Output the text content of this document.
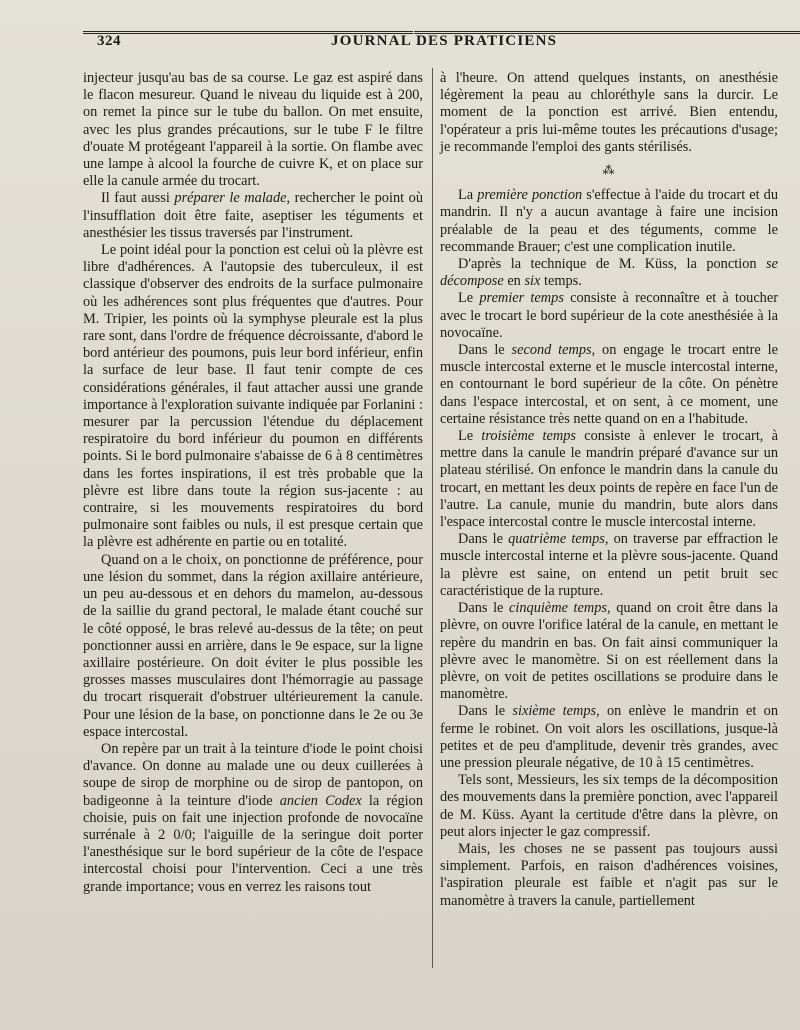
324	JOURNAL DES PRATICIENS

injecteur jusqu'au bas de sa course. Le gaz est aspiré dans le flacon mesureur. Quand le niveau du liquide est à 200, on remet la pince sur le tube du ballon. On met ensuite, avec les plus grandes précautions, sur le tube F le filtre d'ouate M protégeant l'appareil à la sortie. On flambe avec une lampe à alcool la fourche de cuivre K, et on place sur elle la canule armée du trocart.

Il faut aussi préparer le malade, rechercher le point où l'insufflation doit être faite, aseptiser les téguments et anesthésier les tissus traversés par l'instrument.

Le point idéal pour la ponction est celui où la plèvre est libre d'adhérences. A l'autopsie des tuberculeux, il est classique d'observer des endroits de la surface pulmonaire où les adhérences sont plus fréquentes que d'autres. Pour M. Tripier, les points où la symphyse pleurale est la plus rare sont, dans l'ordre de fréquence décroissante, d'abord le bord antérieur des poumons, puis leur bord inférieur, enfin la surface de leur base. Il faut tenir compte de ces considérations générales, il faut attacher aussi une grande importance à l'exploration suivante indiquée par Forlanini : mesurer par la percussion l'étendue du déplacement respiratoire du bord inférieur du poumon en différents points. Si le bord pulmonaire s'abaisse de 6 à 8 centimètres dans les fortes inspirations, il est très probable que la plèvre est libre dans toute la région sus-jacente : au contraire, si les mouvements respiratoires du bord pulmonaire sont faibles ou nuls, il est presque certain que la plèvre est adhérente en partie ou en totalité.

Quand on a le choix, on ponctionne de préférence, pour une lésion du sommet, dans la région axillaire antérieure, un peu au-dessous et en dehors du mamelon, au-dessous de la saillie du grand pectoral, le malade étant couché sur le côté opposé, le bras relevé au-dessus de la tête; on peut ponctionner aussi en arrière, dans le 9e espace, sur la ligne axillaire postérieure. On doit éviter le plus possible les grosses masses musculaires dont l'hémorragie au passage du trocart risquerait d'obstruer ultérieurement la canule. Pour une lésion de la base, on ponctionne dans le 2e ou 3e espace intercostal.

On repère par un trait à la teinture d'iode le point choisi d'avance. On donne au malade une ou deux cuillerées à soupe de sirop de morphine ou de sirop de pantopon, on badigeonne à la teinture d'iode ancien Codex la région choisie, puis on fait une injection profonde de novocaïne surrénale à 2 0/0; l'aiguille de la seringue doit porter l'anesthésique sur le bord supérieur de la côte de l'espace intercostal choisi pour l'intervention. Ceci a une très grande importance; vous en verrez les raisons tout

à l'heure. On attend quelques instants, on anesthésie légèrement la peau au chloréthyle sans la durcir. Le moment de la ponction est arrivé. Bien entendu, l'opérateur a pris lui-même toutes les précautions d'usage; je recommande l'emploi des gants stérilisés.

⁂

La première ponction s'effectue à l'aide du trocart et du mandrin. Il n'y a aucun avantage à faire une incision préalable de la peau et des téguments, comme le recommande Brauer; c'est une complication inutile.

D'après la technique de M. Küss, la ponction se décompose en six temps.

Le premier temps consiste à reconnaître et à toucher avec le trocart le bord supérieur de la cote anesthésiée à la novocaïne.

Dans le second temps, on engage le trocart entre le muscle intercostal externe et le muscle intercostal interne, en contournant le bord supérieur de la côte. On pénètre dans l'espace intercostal, et on sent, à ce moment, une certaine résistance très nette quand on en a l'habitude.

Le troisième temps consiste à enlever le trocart, à mettre dans la canule le mandrin préparé d'avance sur un plateau stérilisé. On enfonce le mandrin dans la canule du trocart, en mettant les deux points de repère en face l'un de l'autre. La canule, munie du mandrin, bute alors dans l'espace intercostal contre le muscle intercostal interne.

Dans le quatrième temps, on traverse par effraction le muscle intercostal interne et la plèvre sous-jacente. Quand la plèvre est saine, on entend un petit bruit sec caractéristique de la rupture.

Dans le cinquième temps, quand on croit être dans la plèvre, on ouvre l'orifice latéral de la canule, en mettant le repère du mandrin en bas. On fait ainsi communiquer la plèvre avec le manomètre. Si on est réellement dans la plèvre, on voit de petites oscillations se produire dans le manomètre.

Dans le sixième temps, on enlève le mandrin et on ferme le robinet. On voit alors les oscillations, jusque-là petites et de peu d'amplitude, devenir très grandes, avec une pression pleurale négative, de 10 à 15 centimètres.

Tels sont, Messieurs, les six temps de la décomposition des mouvements dans la première ponction, avec l'appareil de M. Küss. Ayant la certitude d'être dans la plèvre, on peut alors injecter le gaz compressif.

Mais, les choses ne se passent pas toujours aussi simplement. Parfois, en raison d'adhérences voisines, l'aspiration pleurale est faible et n'agit pas sur le manomètre à travers la canule, partiellement
